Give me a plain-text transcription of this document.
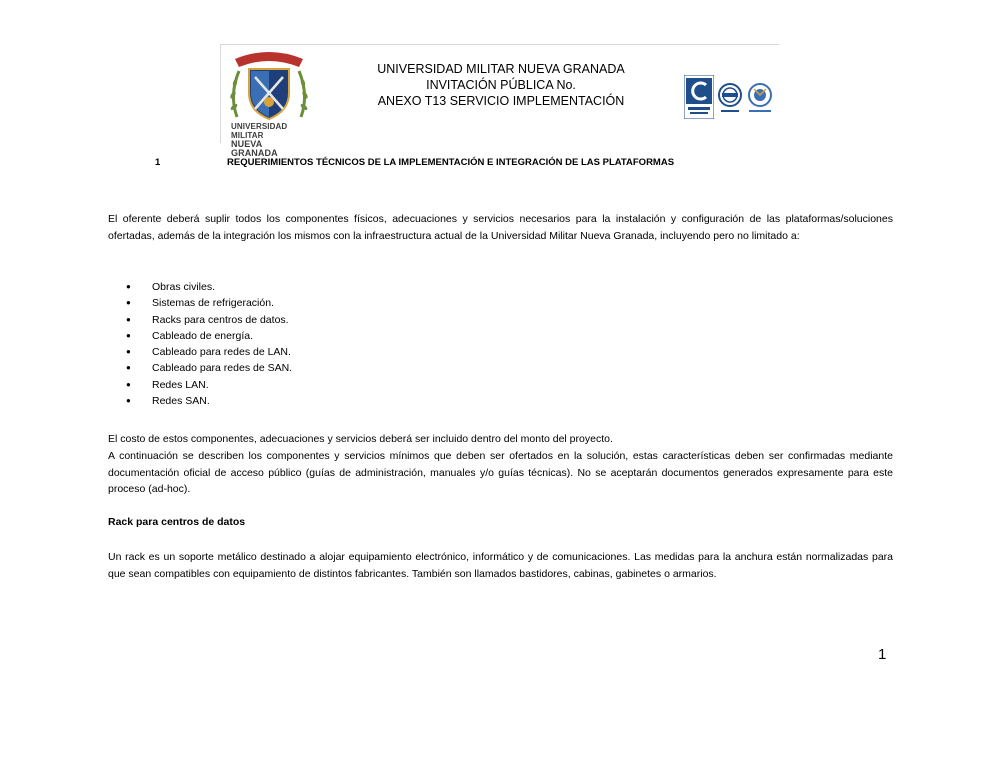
UNIVERSIDAD MILITAR
NUEVA GRANADA
UNIVERSIDAD MILITAR NUEVA GRANADA
INVITACIÓN PÚBLICA No.
ANEXO T13 SERVICIO IMPLEMENTACIÓN
1	REQUERIMIENTOS TÉCNICOS DE LA IMPLEMENTACIÓN E INTEGRACIÓN DE LAS PLATAFORMAS
El oferente deberá suplir todos los componentes físicos, adecuaciones y servicios necesarios para la instalación y configuración de las plataformas/soluciones ofertadas, además de la integración los mismos con la infraestructura actual de la Universidad Militar Nueva Granada, incluyendo pero no limitado a:
● Obras civiles.
● Sistemas de refrigeración.
● Racks para centros de datos.
● Cableado de energía.
● Cableado para redes de LAN.
● Cableado para redes de SAN.
● Redes LAN.
● Redes SAN.
El costo de estos componentes, adecuaciones y servicios deberá ser incluido dentro del monto del proyecto.
A continuación se describen los componentes y servicios mínimos que deben ser ofertados en la solución, estas características deben ser confirmadas mediante documentación oficial de acceso público (guías de administración, manuales y/o guías técnicas). No se aceptarán documentos generados expresamente para este proceso (ad-hoc).
Rack para centros de datos
Un rack es un soporte metálico destinado a alojar equipamiento electrónico, informático y de comunicaciones. Las medidas para la anchura están normalizadas para que sean compatibles con equipamiento de distintos fabricantes. También son llamados bastidores, cabinas, gabinetes o armarios.
1
